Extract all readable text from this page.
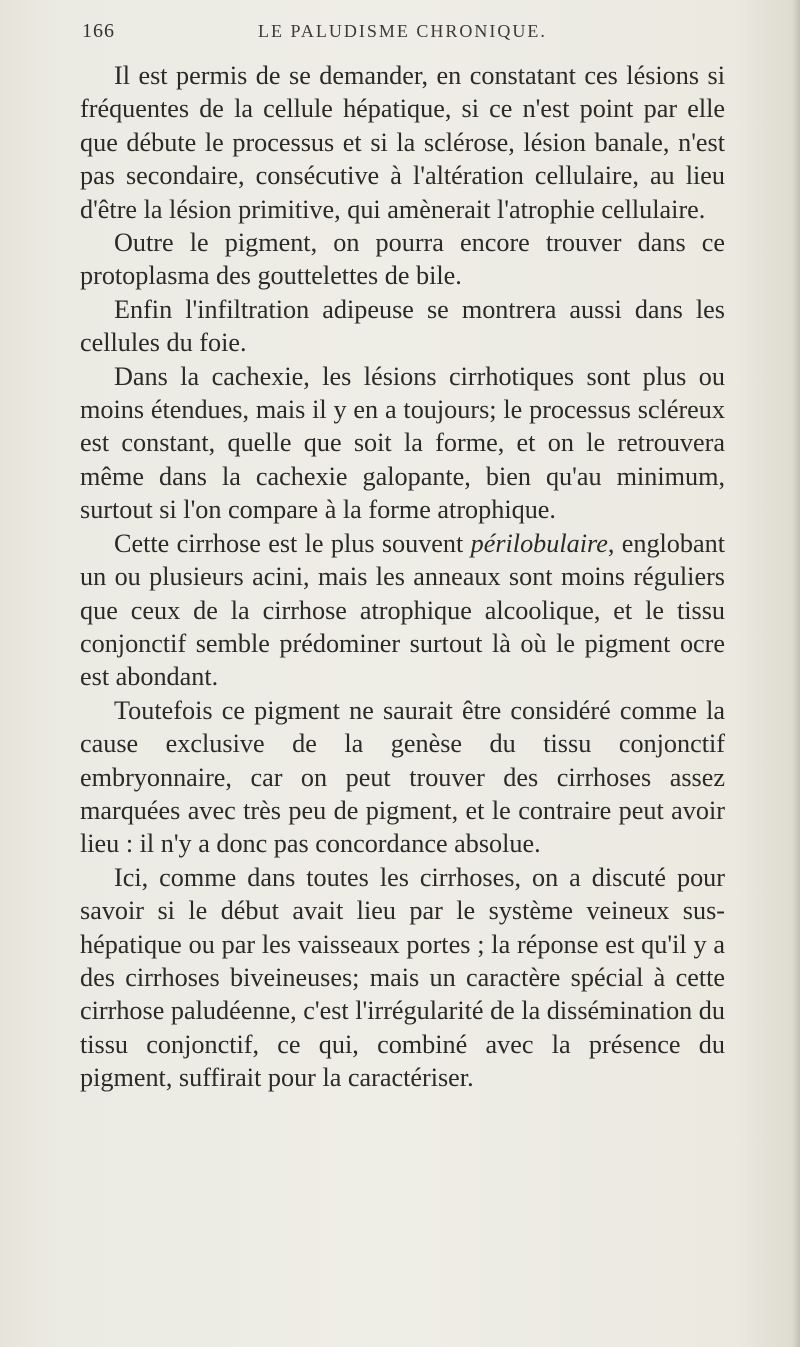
166	LE PALUDISME CHRONIQUE.

Il est permis de se demander, en constatant ces lésions si fréquentes de la cellule hépatique, si ce n'est point par elle que débute le processus et si la sclérose, lésion banale, n'est pas secondaire, consécutive à l'altération cellulaire, au lieu d'être la lésion primitive, qui amènerait l'atrophie cellulaire.

Outre le pigment, on pourra encore trouver dans ce protoplasma des gouttelettes de bile.

Enfin l'infiltration adipeuse se montrera aussi dans les cellules du foie.

Dans la cachexie, les lésions cirrhotiques sont plus ou moins étendues, mais il y en a toujours; le processus scléreux est constant, quelle que soit la forme, et on le retrouvera même dans la cachexie galopante, bien qu'au minimum, surtout si l'on compare à la forme atrophique.

Cette cirrhose est le plus souvent périlobulaire, englobant un ou plusieurs acini, mais les anneaux sont moins réguliers que ceux de la cirrhose atrophique alcoolique, et le tissu conjonctif semble prédominer surtout là où le pigment ocre est abondant.

Toutefois ce pigment ne saurait être considéré comme la cause exclusive de la genèse du tissu conjonctif embryonnaire, car on peut trouver des cirrhoses assez marquées avec très peu de pigment, et le contraire peut avoir lieu : il n'y a donc pas concordance absolue.

Ici, comme dans toutes les cirrhoses, on a discuté pour savoir si le début avait lieu par le système veineux sus-hépatique ou par les vaisseaux portes ; la réponse est qu'il y a des cirrhoses biveineuses; mais un caractère spécial à cette cirrhose paludéenne, c'est l'irrégularité de la dissémination du tissu conjonctif, ce qui, combiné avec la présence du pigment, suffirait pour la caractériser.
